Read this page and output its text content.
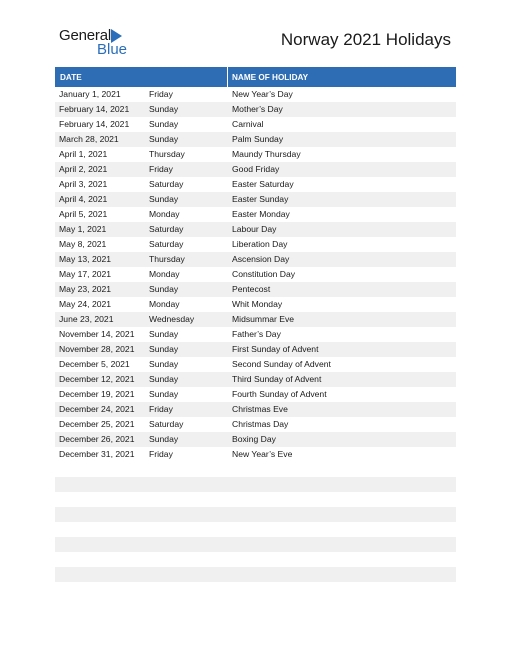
General
Blue
Norway 2021 Holidays
DATE	NAME OF HOLIDAY
January 1, 2021	Friday	New Year’s Day
February 14, 2021 Sunday	Mother’s Day
February 14, 2021 Sunday	Carnival
March 28, 2021	Sunday	Palm Sunday
April 1, 2021	Thursday	Maundy Thursday
April 2, 2021	Friday	Good Friday
April 3, 2021	Saturday	Easter Saturday
April 4, 2021	Sunday	Easter Sunday
April 5, 2021	Monday	Easter Monday
May 1, 2021	Saturday	Labour Day
May 8, 2021	Saturday	Liberation Day
May 13, 2021	Thursday	Ascension Day
May 17, 2021	Monday	Constitution Day
May 23, 2021	Sunday	Pentecost
May 24, 2021	Monday	Whit Monday
June 23, 2021	Wednesday	Midsummar Eve
November 14, 2021 Sunday	Father’s Day
November 28, 2021 Sunday	First Sunday of Advent
December 5, 2021 Sunday	Second Sunday of Advent
December 12, 2021 Sunday	Third Sunday of Advent
December 19, 2021 Sunday	Fourth Sunday of Advent
December 24, 2021 Friday	Christmas Eve
December 25, 2021 Saturday	Christmas Day
December 26, 2021 Sunday	Boxing Day
December 31, 2021 Friday	New Year’s Eve
